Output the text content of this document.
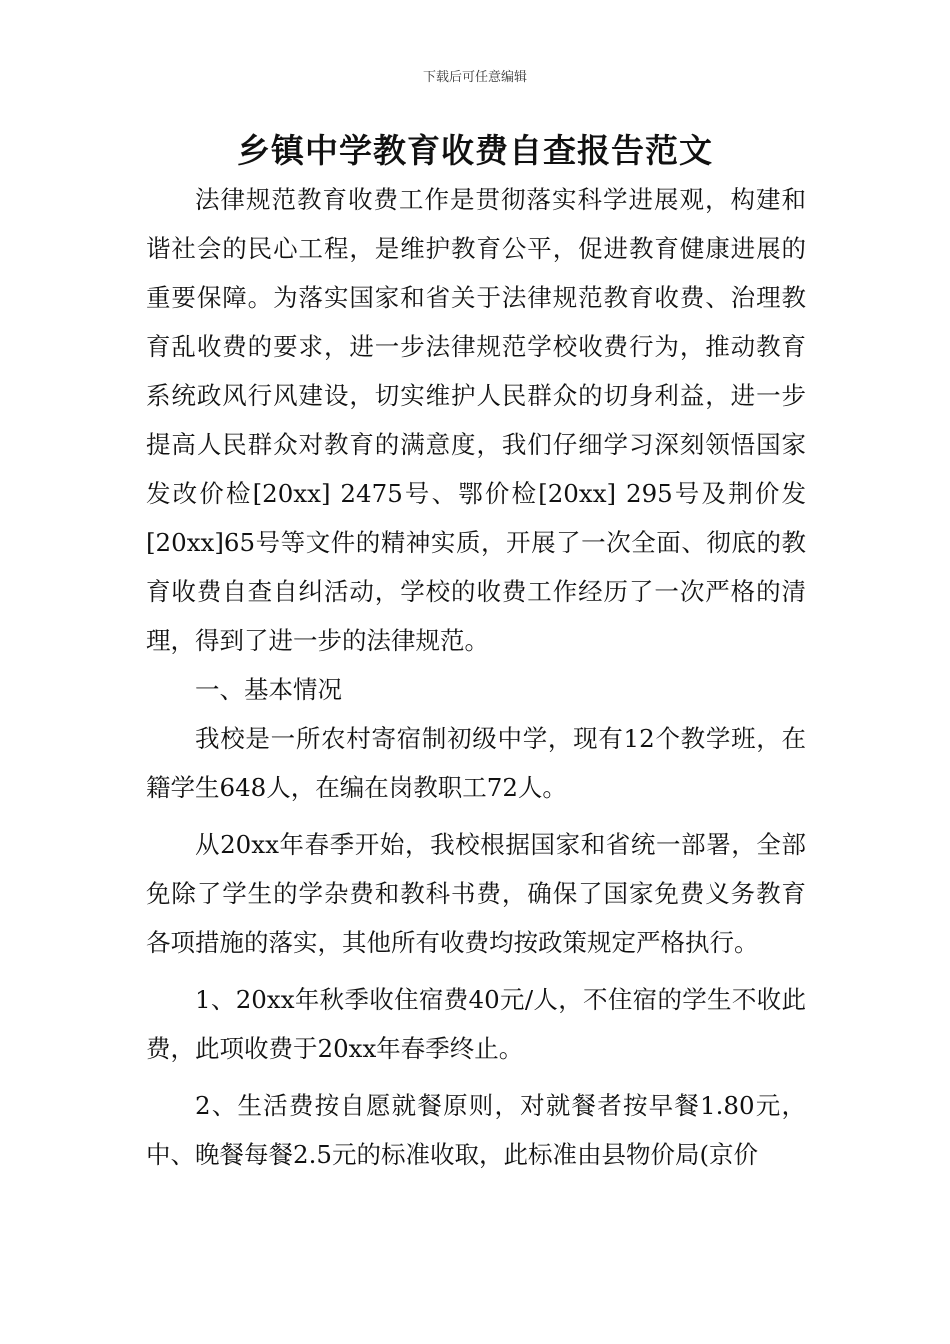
下载后可任意编辑
乡镇中学教育收费自查报告范文

法律规范教育收费工作是贯彻落实科学进展观，构建和谐社会的民心工程，是维护教育公平，促进教育健康进展的重要保障。为落实国家和省关于法律规范教育收费、治理教育乱收费的要求，进一步法律规范学校收费行为，推动教育系统政风行风建设，切实维护人民群众的切身利益，进一步提高人民群众对教育的满意度，我们仔细学习深刻领悟国家发改价检[20xx] 2475号、鄂价检[20xx] 295号及荆价发[20xx]65号等文件的精神实质，开展了一次全面、彻底的教育收费自查自纠活动，学校的收费工作经历了一次严格的清理，得到了进一步的法律规范。

一、基本情况

我校是一所农村寄宿制初级中学，现有12个教学班，在籍学生648人，在编在岗教职工72人。

从20xx年春季开始，我校根据国家和省统一部署，全部免除了学生的学杂费和教科书费，确保了国家免费义务教育各项措施的落实，其他所有收费均按政策规定严格执行。

1、20xx年秋季收住宿费40元/人，不住宿的学生不收此费，此项收费于20xx年春季终止。

2、生活费按自愿就餐原则，对就餐者按早餐1.80元，中、晚餐每餐2.5元的标准收取，此标准由县物价局(京价
